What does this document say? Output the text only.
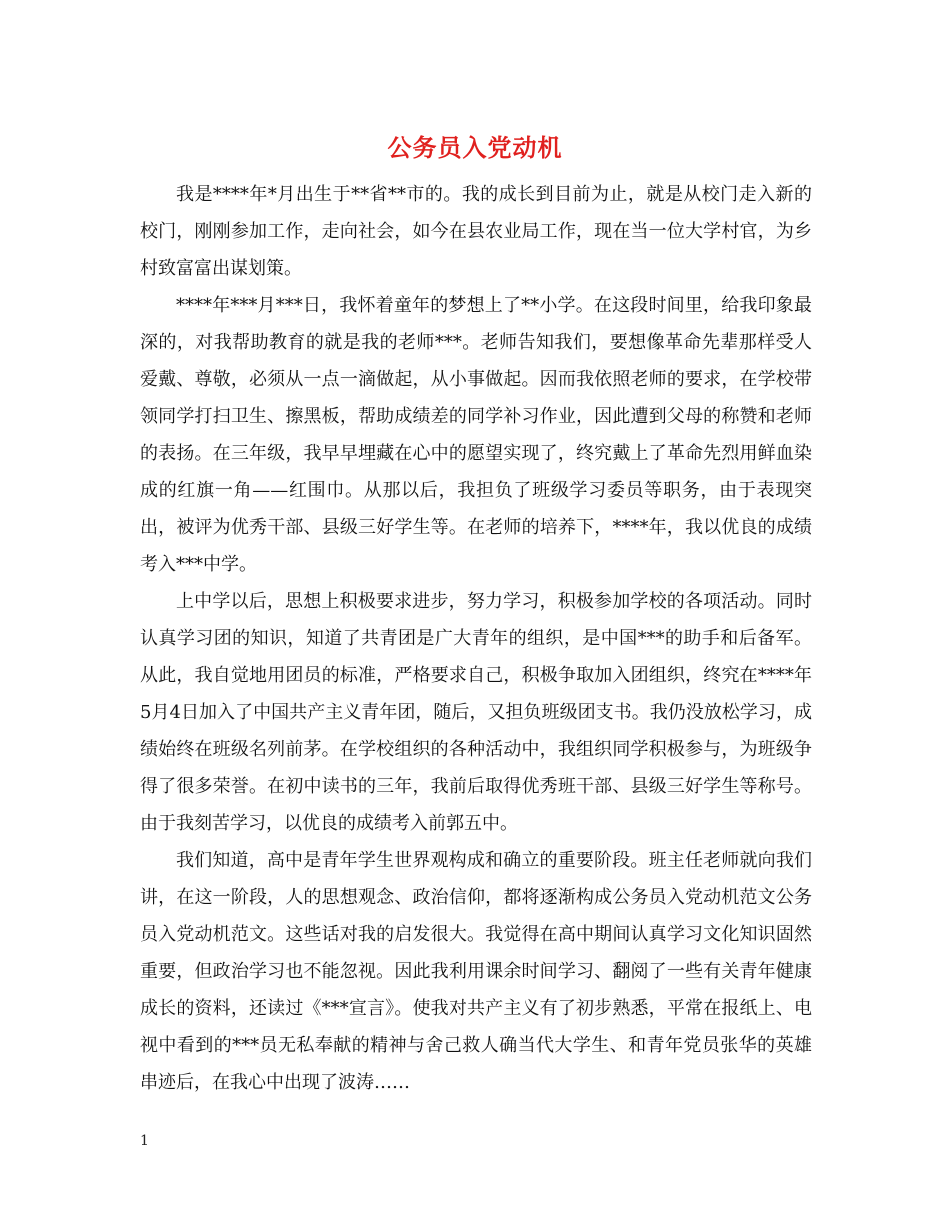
公务员入党动机

我是****年*月出生于**省**市的。我的成长到目前为止，就是从校门走入新的校门，刚刚参加工作，走向社会，如今在县农业局工作，现在当一位大学村官，为乡村致富富出谋划策。

****年***月***日，我怀着童年的梦想上了**小学。在这段时间里，给我印象最深的，对我帮助教育的就是我的老师***。老师告知我们，要想像革命先辈那样受人爱戴、尊敬，必须从一点一滴做起，从小事做起。因而我依照老师的要求，在学校带领同学打扫卫生、擦黑板，帮助成绩差的同学补习作业，因此遭到父母的称赞和老师的表扬。在三年级，我早早埋藏在心中的愿望实现了，终究戴上了革命先烈用鲜血染成的红旗一角——红围巾。从那以后，我担负了班级学习委员等职务，由于表现突出，被评为优秀干部、县级三好学生等。在老师的培养下，****年，我以优良的成绩考入***中学。

上中学以后，思想上积极要求进步，努力学习，积极参加学校的各项活动。同时认真学习团的知识，知道了共青团是广大青年的组织，是中国***的助手和后备军。从此，我自觉地用团员的标准，严格要求自己，积极争取加入团组织，终究在****年5月4日加入了中国共产主义青年团，随后，又担负班级团支书。我仍没放松学习，成绩始终在班级名列前茅。在学校组织的各种活动中，我组织同学积极参与，为班级争得了很多荣誉。在初中读书的三年，我前后取得优秀班干部、县级三好学生等称号。由于我刻苦学习，以优良的成绩考入前郭五中。

我们知道，高中是青年学生世界观构成和确立的重要阶段。班主任老师就向我们讲，在这一阶段，人的思想观念、政治信仰，都将逐渐构成公务员入党动机范文公务员入党动机范文。这些话对我的启发很大。我觉得在高中期间认真学习文化知识固然重要，但政治学习也不能忽视。因此我利用课余时间学习、翻阅了一些有关青年健康成长的资料，还读过《***宣言》。使我对共产主义有了初步熟悉，平常在报纸上、电视中看到的***员无私奉献的精神与舍己救人确当代大学生、和青年党员张华的英雄串迹后，在我心中出现了波涛……

1
